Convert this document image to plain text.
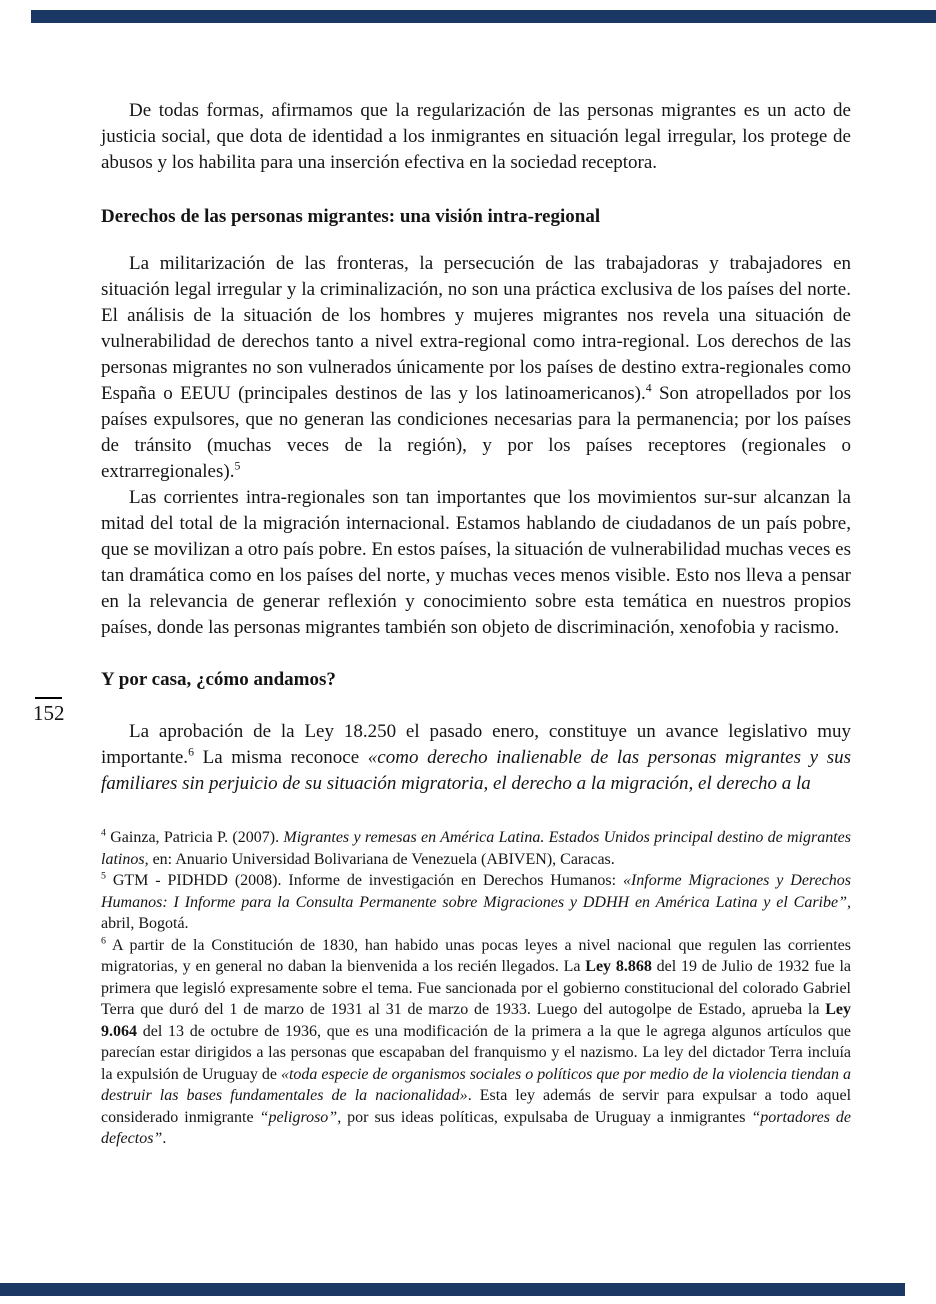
152

De todas formas, afirmamos que la regularización de las personas migrantes es un acto de justicia social, que dota de identidad a los inmigrantes en situación legal irregular, los protege de abusos y los habilita para una inserción efectiva en la sociedad receptora.

Derechos de las personas migrantes: una visión intra-regional

La militarización de las fronteras, la persecución de las trabajadoras y trabajadores en situación legal irregular y la criminalización, no son una práctica exclusiva de los países del norte. El análisis de la situación de los hombres y mujeres migrantes nos revela una situación de vulnerabilidad de derechos tanto a nivel extra-regional como intra-regional. Los derechos de las personas migrantes no son vulnerados únicamente por los países de destino extra-regionales como España o EEUU (principales destinos de las y los latinoamericanos).$^4$ Son atropellados por los países expulsores, que no generan las condiciones necesarias para la permanencia; por los países de tránsito (muchas veces de la región), y por los países receptores (regionales o extrarregionales).$^5$

Las corrientes intra-regionales son tan importantes que los movimientos sur-sur alcanzan la mitad del total de la migración internacional. Estamos hablando de ciudadanos de un país pobre, que se movilizan a otro país pobre. En estos países, la situación de vulnerabilidad muchas veces es tan dramática como en los países del norte, y muchas veces menos visible. Esto nos lleva a pensar en la relevancia de generar reflexión y conocimiento sobre esta temática en nuestros propios países, donde las personas migrantes también son objeto de discriminación, xenofobia y racismo.

Y por casa, ¿cómo andamos?

La aprobación de la Ley 18.250 el pasado enero, constituye un avance legislativo muy importante.$^6$ La misma reconoce «como derecho inalienable de las personas migrantes y sus familiares sin perjuicio de su situación migratoria, el derecho a la migración, el derecho a la

$^4$ Gainza, Patricia P. (2007). Migrantes y remesas en América Latina. Estados Unidos principal destino de migrantes latinos, en: Anuario Universidad Bolivariana de Venezuela (ABIVEN), Caracas.
$^5$ GTM - PIDHDD (2008). Informe de investigación en Derechos Humanos: «Informe Migraciones y Derechos Humanos: I Informe para la Consulta Permanente sobre Migraciones y DDHH en América Latina y el Caribe”, abril, Bogotá.
$^6$ A partir de la Constitución de 1830, han habido unas pocas leyes a nivel nacional que regulen las corrientes migratorias, y en general no daban la bienvenida a los recién llegados. La Ley 8.868 del 19 de Julio de 1932 fue la primera que legisló expresamente sobre el tema. Fue sancionada por el gobierno constitucional del colorado Gabriel Terra que duró del 1 de marzo de 1931 al 31 de marzo de 1933. Luego del autogolpe de Estado, aprueba la Ley 9.064 del 13 de octubre de 1936, que es una modificación de la primera a la que le agrega algunos artículos que parecían estar dirigidos a las personas que escapaban del franquismo y el nazismo. La ley del dictador Terra incluía la expulsión de Uruguay de «toda especie de organismos sociales o políticos que por medio de la violencia tiendan a destruir las bases fundamentales de la nacionalidad». Esta ley además de servir para expulsar a todo aquel considerado inmigrante “peligroso”, por sus ideas políticas, expulsaba de Uruguay a inmigrantes “portadores de defectos”.
